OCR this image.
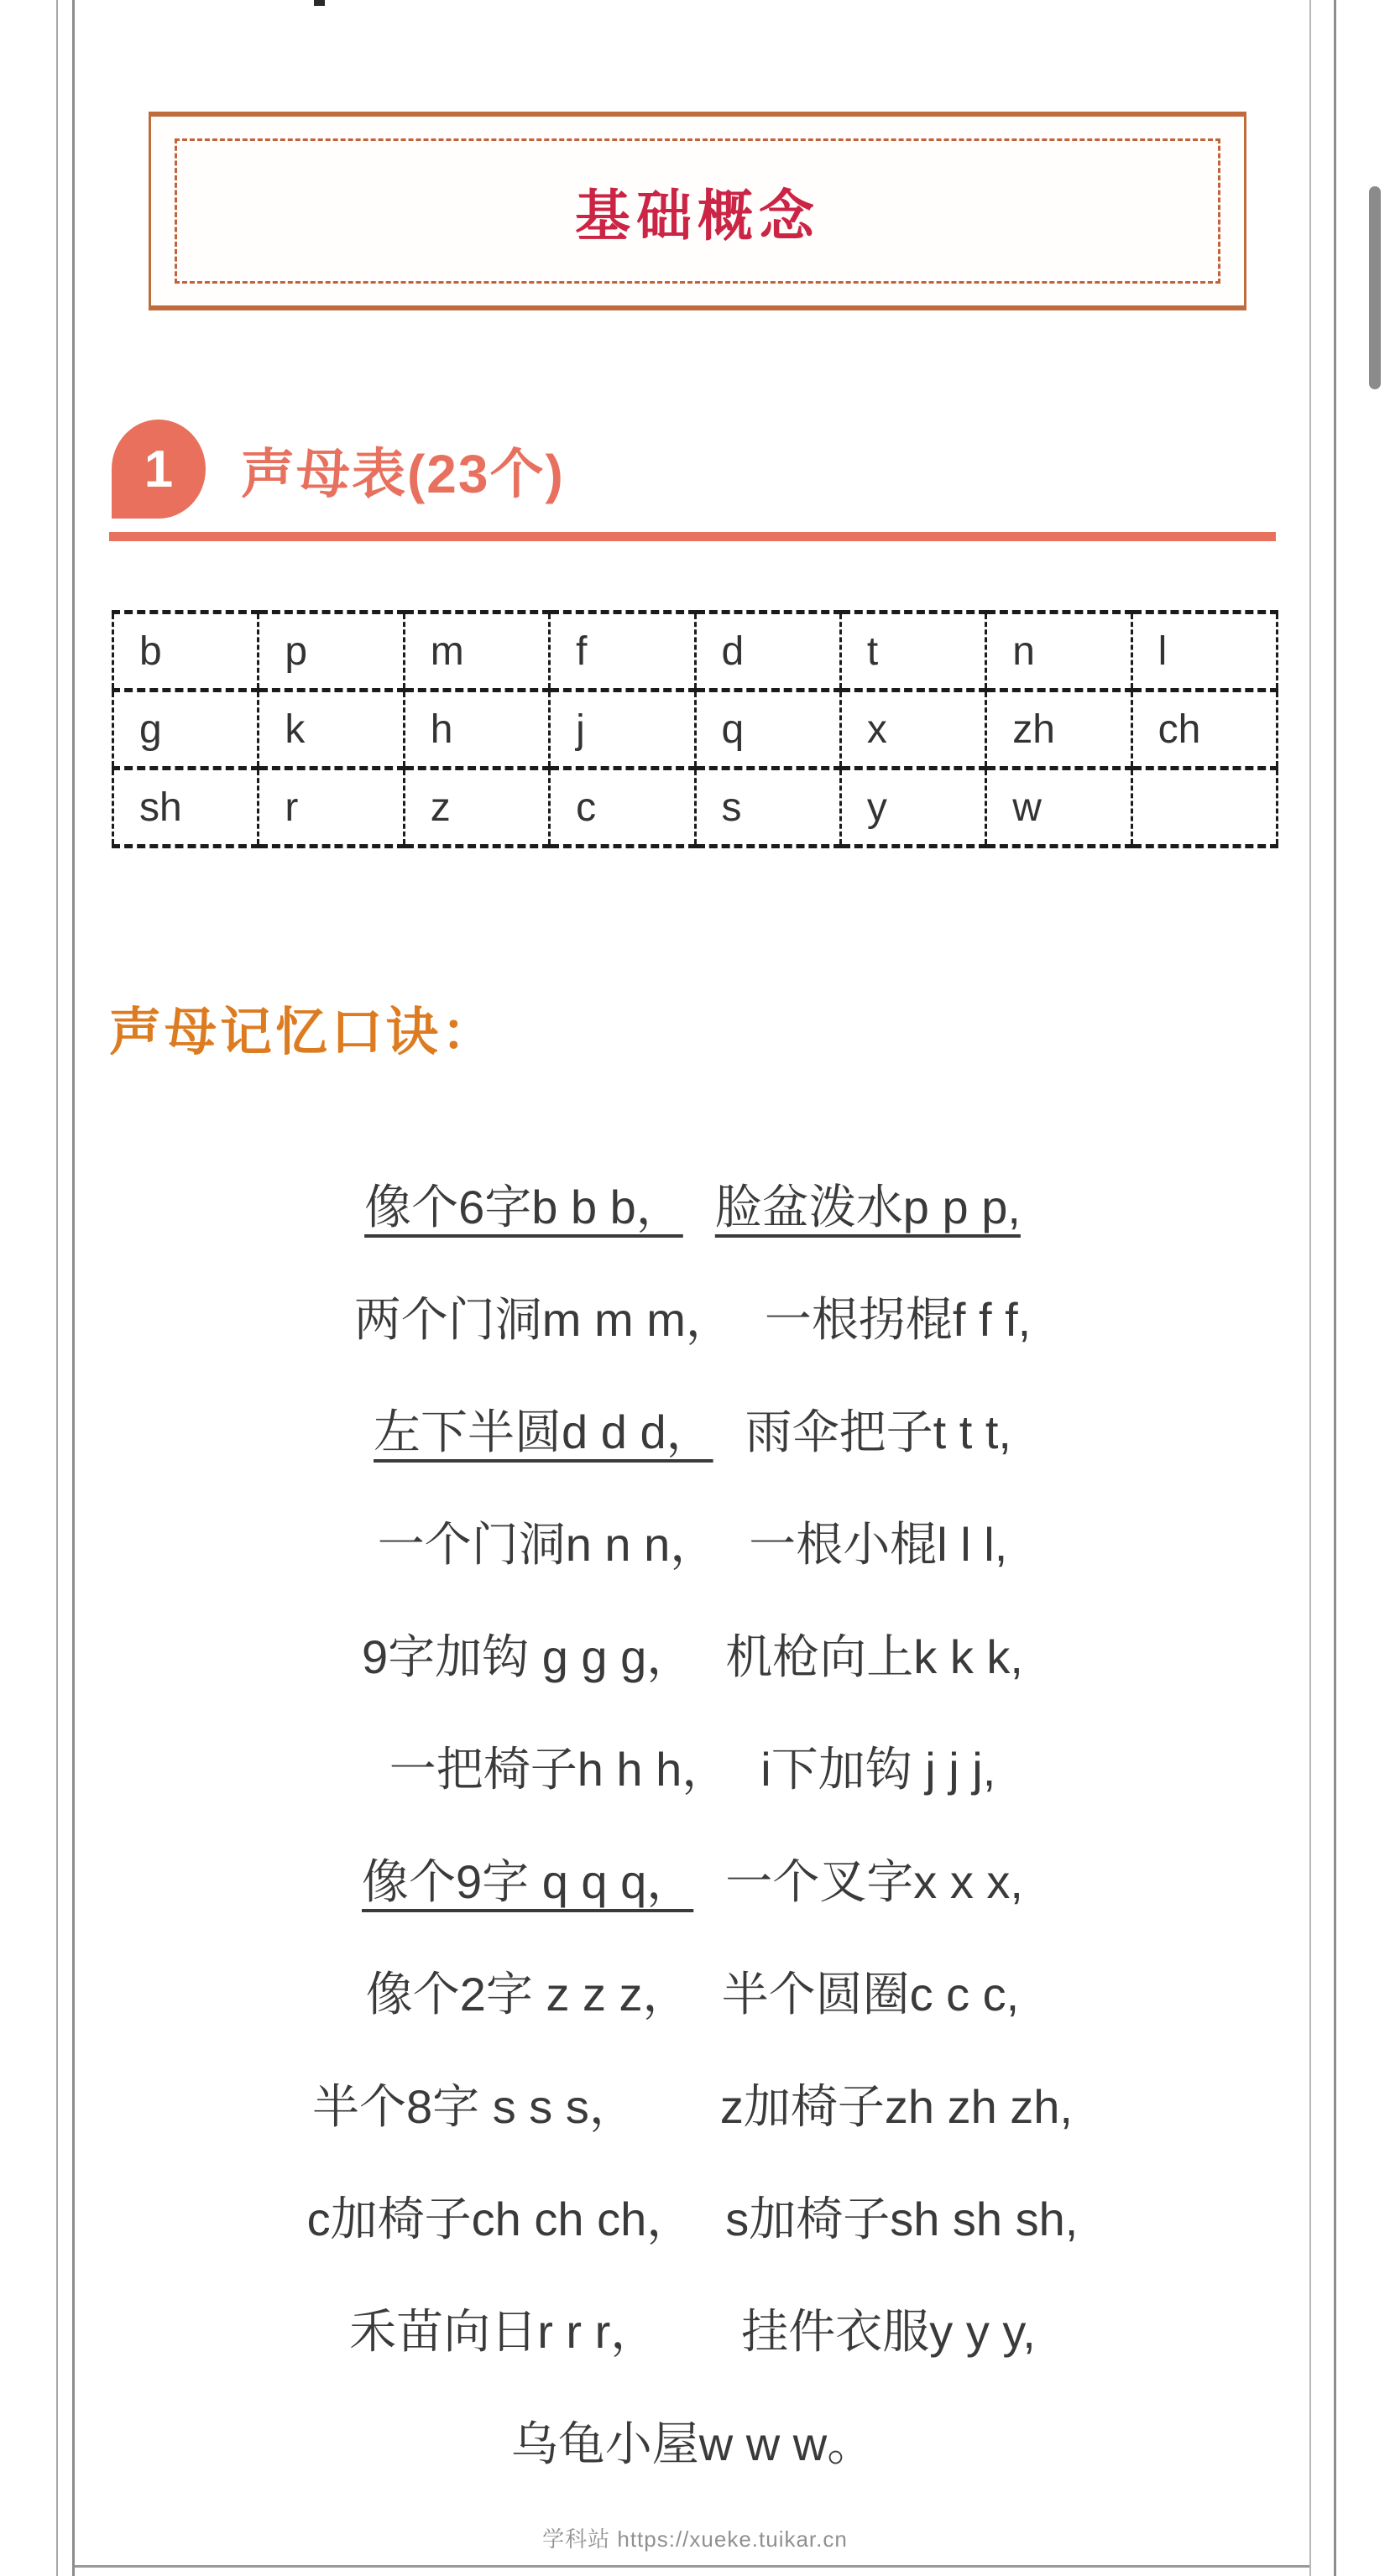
基础概念
1	声母表(23个)
b	p	m	f	d	t	n	l
g	k	h	j	q	x	zh	ch
sh	r	z	c	s	y	w	
声母记忆口诀：
像个6字b b b， 脸盆泼水p p p,
两个门洞m m m， 一根拐棍f f f,
左下半圆d d d， 雨伞把子t t t,
一个门洞n n n， 一根小棍l l l,
9字加钩 g g g， 机枪向上k k k,
一把椅子h h h， i下加钩 j j j,
像个9字 q q q， 一个叉字x x x,
像个2字 z z z， 半个圆圈c c c,
半个8字 s s s， z加椅子zh zh zh,
c加椅子ch ch ch， s加椅子sh sh sh,
禾苗向日r r r， 挂件衣服y y y,
乌龟小屋w w w。
学科站 https://xueke.tuikar.cn
